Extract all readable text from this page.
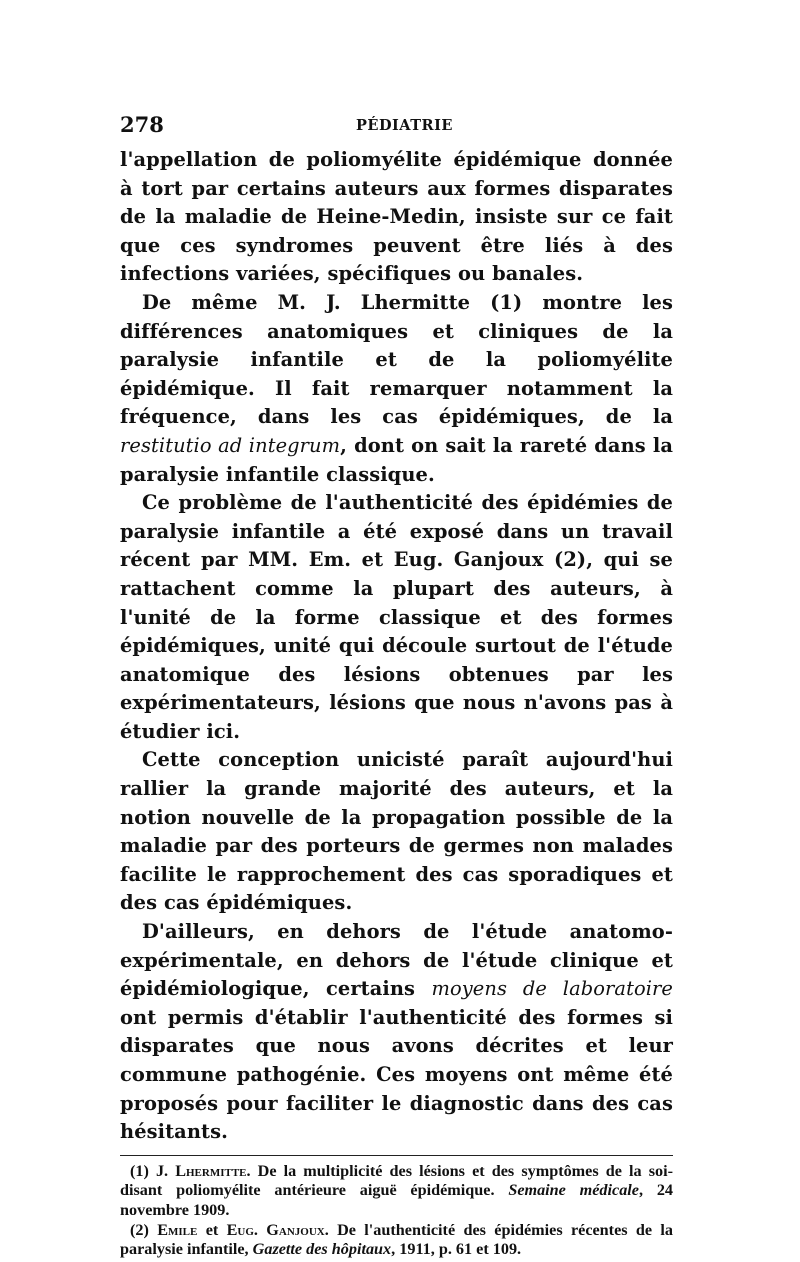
278	PÉDIATRIE

l'appellation de poliomyélite épidémique donnée à tort par certains auteurs aux formes disparates de la maladie de Heine-Medin, insiste sur ce fait que ces syndromes peuvent être liés à des infections variées, spécifiques ou banales.

De même M. J. Lhermitte (1) montre les différences anatomiques et cliniques de la paralysie infantile et de la poliomyélite épidémique. Il fait remarquer notamment la fréquence, dans les cas épidémiques, de la restitutio ad integrum, dont on sait la rareté dans la paralysie infantile classique.

Ce problème de l'authenticité des épidémies de paralysie infantile a été exposé dans un travail récent par MM. Em. et Eug. Ganjoux (2), qui se rattachent comme la plupart des auteurs, à l'unité de la forme classique et des formes épidémiques, unité qui découle surtout de l'étude anatomique des lésions obtenues par les expérimentateurs, lésions que nous n'avons pas à étudier ici.

Cette conception unicisté paraît aujourd'hui rallier la grande majorité des auteurs, et la notion nouvelle de la propagation possible de la maladie par des porteurs de germes non malades facilite le rapprochement des cas sporadiques et des cas épidémiques.

D'ailleurs, en dehors de l'étude anatomo-expérimentale, en dehors de l'étude clinique et épidémiologique, certains moyens de laboratoire ont permis d'établir l'authenticité des formes si disparates que nous avons décrites et leur commune pathogénie. Ces moyens ont même été proposés pour faciliter le diagnostic dans des cas hésitants.

(1) J. Lhermitte. De la multiplicité des lésions et des symptômes de la soi-disant poliomyélite antérieure aiguë épidémique. Semaine médicale, 24 novembre 1909.

(2) Emile et Eug. Ganjoux. De l'authenticité des épidémies récentes de la paralysie infantile, Gazette des hôpitaux, 1911, p. 61 et 109.
